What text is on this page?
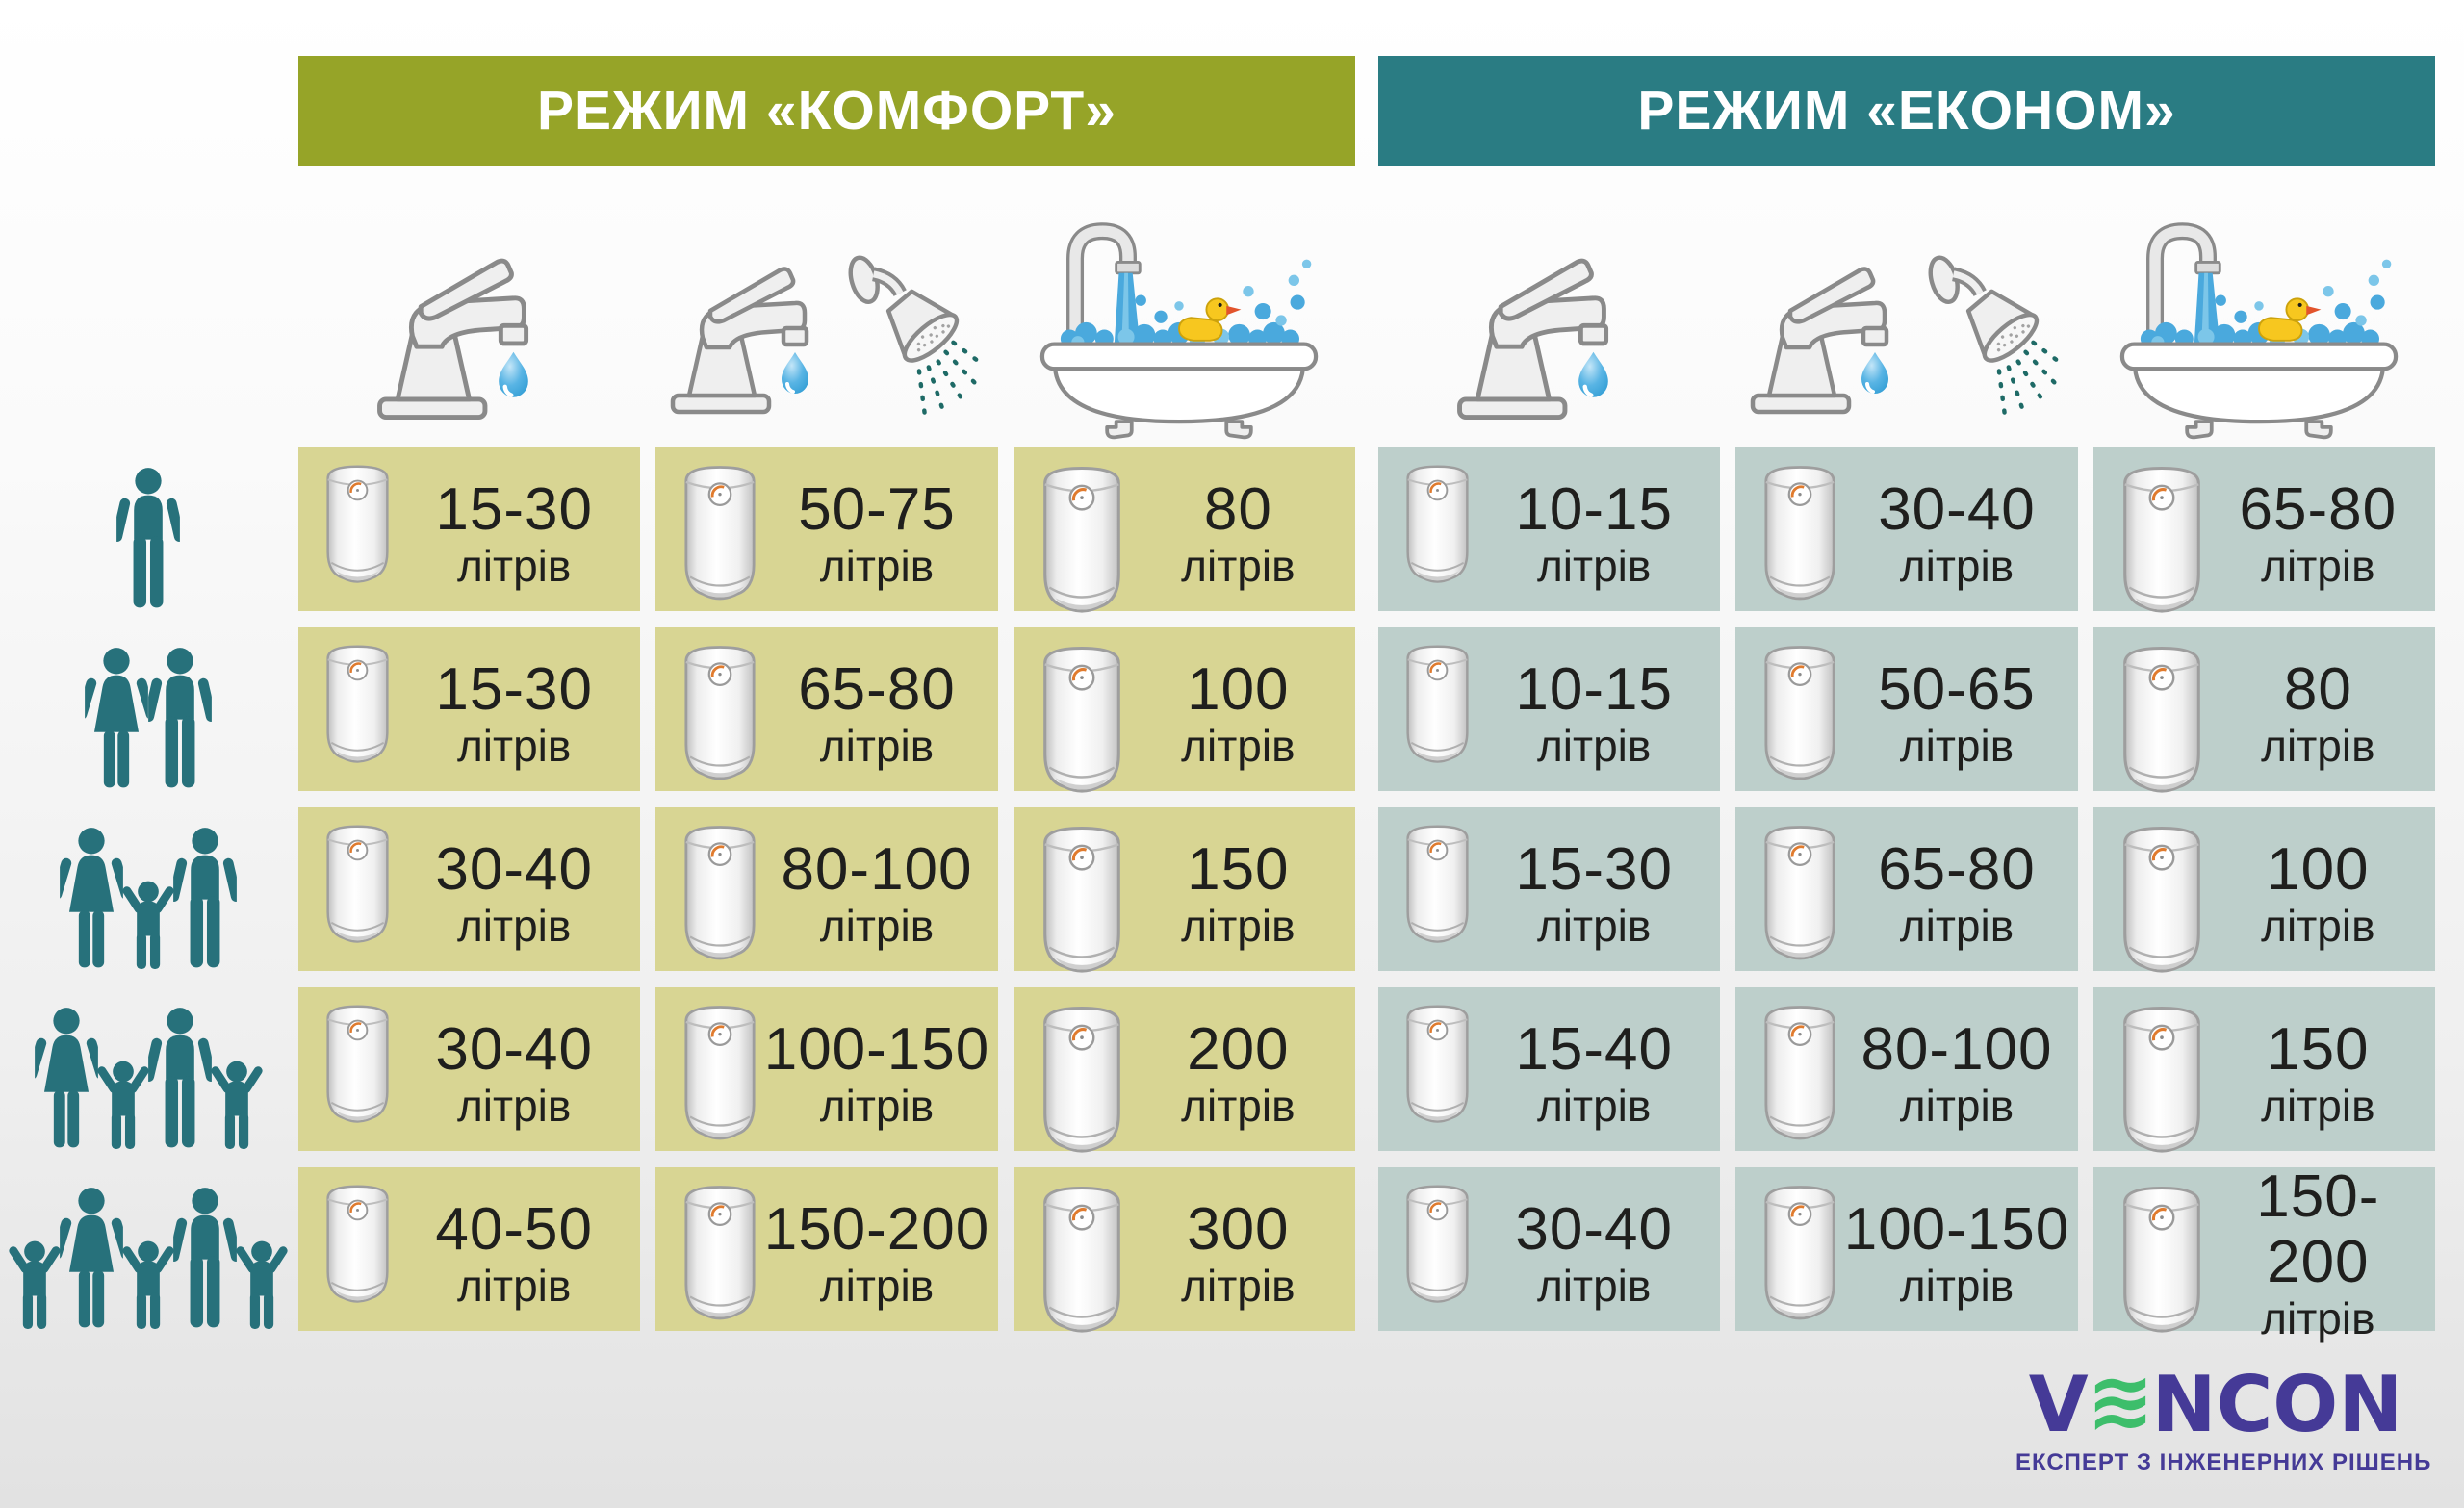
РЕЖИМ «КОМФОРТ»	РЕЖИМ «ЕКОНОМ»
15-30
літрів
50-75
літрів
80
літрів
15-30
літрів
65-80
літрів
100
літрів
30-40
літрів
80-100
літрів
150
літрів
30-40
літрів
100-150
літрів
200
літрів
40-50
літрів
150-200
літрів
300
літрів
10-15
літрів
30-40
літрів
65-80
літрів
10-15
літрів
50-65
літрів
80
літрів
15-30
літрів
65-80
літрів
100
літрів
15-40
літрів
80-100
літрів
150
літрів
30-40
літрів
100-150
літрів
150-200
літрів
V NCON
ЕКСПЕРТ З ІНЖЕНЕРНИХ РІШЕНЬ
